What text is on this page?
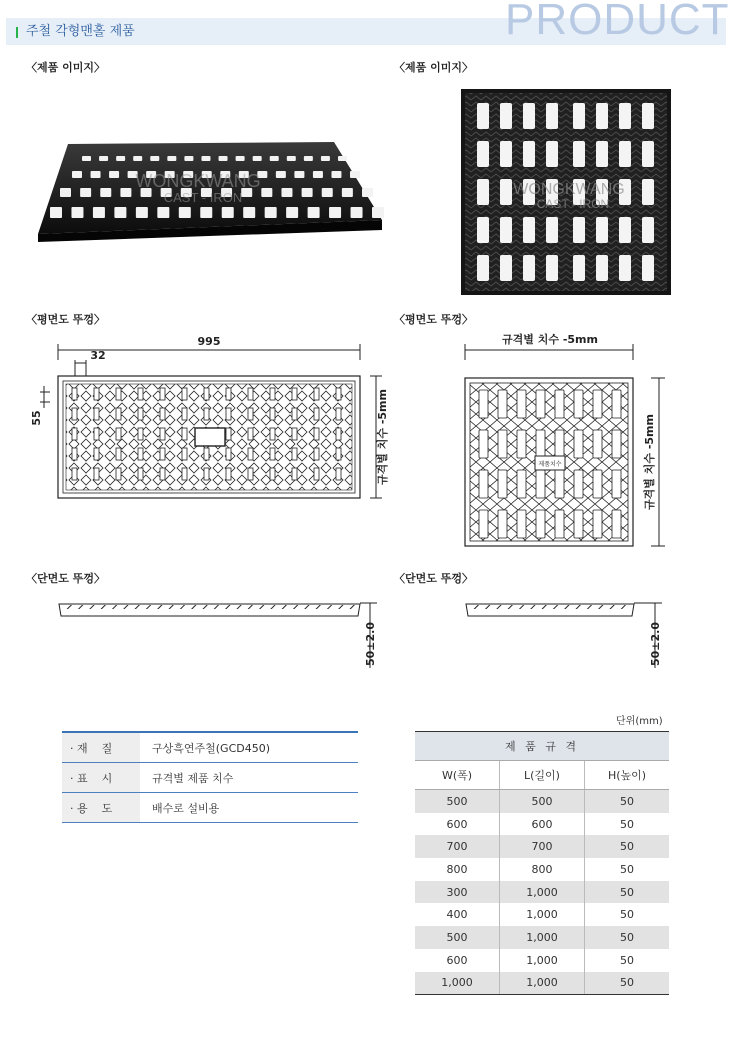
PRODUCT
주철 각형맨홀 제품
〈제품 이미지〉	〈제품 이미지〉
〈평면도 뚜껑〉	〈평면도 뚜껑〉
〈단면도 뚜껑〉	〈단면도 뚜껑〉
WONGKWANG
CAST - IRON	WONGKWANG
CAST - IRON
995
32
55	규격별 치수 -5mm
규격별 치수 -5mm
제품치수	규격별 치수 -5mm
50±2.0	50±2.0
· 재    질	구상흑연주철(GCD450)
· 표    시	규격별 제품 치수
· 용    도	배수로 설비용
단위(mm)
제 품 규 격
W(폭)	L(길이)	H(높이)
500	500	50
600	600	50
700	700	50
800	800	50
300	1,000	50
400	1,000	50
500	1,000	50
600	1,000	50
1,000	1,000	50
